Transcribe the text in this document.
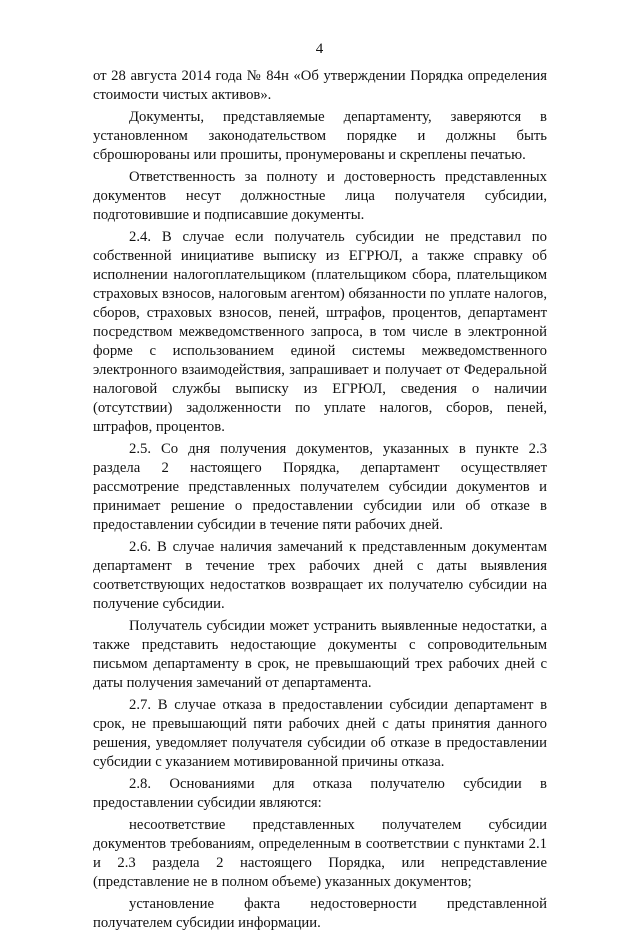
4

от 28 августа 2014 года № 84н «Об утверждении Порядка определения стоимости чистых активов».

Документы, представляемые департаменту, заверяются в установленном законодательством порядке и должны быть сброшюрованы или прошиты, пронумерованы и скреплены печатью.

Ответственность за полноту и достоверность представленных документов несут должностные лица получателя субсидии, подготовившие и подписавшие документы.

2.4. В случае если получатель субсидии не представил по собственной инициативе выписку из ЕГРЮЛ, а также справку об исполнении налогоплательщиком (плательщиком сбора, плательщиком страховых взносов, налоговым агентом) обязанности по уплате налогов, сборов, страховых взносов, пеней, штрафов, процентов, департамент посредством межведомственного запроса, в том числе в электронной форме с использованием единой системы межведомственного электронного взаимодействия, запрашивает и получает от Федеральной налоговой службы выписку из ЕГРЮЛ, сведения о наличии (отсутствии) задолженности по уплате налогов, сборов, пеней, штрафов, процентов.

2.5. Со дня получения документов, указанных в пункте 2.3 раздела 2 настоящего Порядка, департамент осуществляет рассмотрение представленных получателем субсидии документов и принимает решение о предоставлении субсидии или об отказе в предоставлении субсидии в течение пяти рабочих дней.

2.6. В случае наличия замечаний к представленным документам департамент в течение трех рабочих дней с даты выявления соответствующих недостатков возвращает их получателю субсидии на получение субсидии.

Получатель субсидии может устранить выявленные недостатки, а также представить недостающие документы с сопроводительным письмом департаменту в срок, не превышающий трех рабочих дней с даты получения замечаний от департамента.

2.7. В случае отказа в предоставлении субсидии департамент в срок, не превышающий пяти рабочих дней с даты принятия данного решения, уведомляет получателя субсидии об отказе в предоставлении субсидии с указанием мотивированной причины отказа.

2.8. Основаниями для отказа получателю субсидии в предоставлении субсидии являются:

несоответствие представленных получателем субсидии документов требованиям, определенным в соответствии с пунктами 2.1 и 2.3 раздела 2 настоящего Порядка, или непредставление (представление не в полном объеме) указанных документов;

установление факта недостоверности представленной получателем субсидии информации.
